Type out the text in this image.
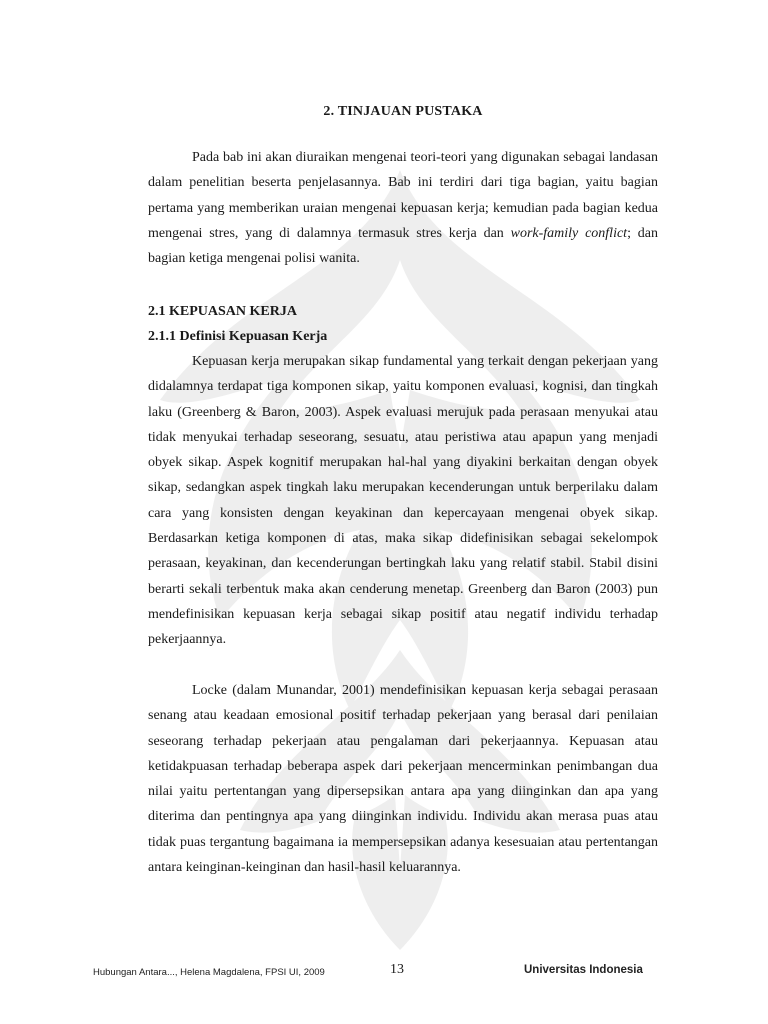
2. TINJAUAN PUSTAKA
Pada bab ini akan diuraikan mengenai teori-teori yang digunakan sebagai landasan dalam penelitian beserta penjelasannya. Bab ini terdiri dari tiga bagian, yaitu bagian pertama yang memberikan uraian mengenai kepuasan kerja; kemudian pada bagian kedua mengenai stres, yang di dalamnya termasuk stres kerja dan work-family conflict; dan bagian ketiga mengenai polisi wanita.
2.1 KEPUASAN KERJA
2.1.1 Definisi Kepuasan Kerja
Kepuasan kerja merupakan sikap fundamental yang terkait dengan pekerjaan yang didalamnya terdapat tiga komponen sikap, yaitu komponen evaluasi, kognisi, dan tingkah laku (Greenberg & Baron, 2003). Aspek evaluasi merujuk pada perasaan menyukai atau tidak menyukai terhadap seseorang, sesuatu, atau peristiwa atau apapun yang menjadi obyek sikap. Aspek kognitif merupakan hal-hal yang diyakini berkaitan dengan obyek sikap, sedangkan aspek tingkah laku merupakan kecenderungan untuk berperilaku dalam cara yang konsisten dengan keyakinan dan kepercayaan mengenai obyek sikap. Berdasarkan ketiga komponen di atas, maka sikap didefinisikan sebagai sekelompok perasaan, keyakinan, dan kecenderungan bertingkah laku yang relatif stabil. Stabil disini berarti sekali terbentuk maka akan cenderung menetap. Greenberg dan Baron (2003) pun mendefinisikan kepuasan kerja sebagai sikap positif atau negatif individu terhadap pekerjaannya.
Locke (dalam Munandar, 2001) mendefinisikan kepuasan kerja sebagai perasaan senang atau keadaan emosional positif terhadap pekerjaan yang berasal dari penilaian seseorang terhadap pekerjaan atau pengalaman dari pekerjaannya. Kepuasan atau ketidakpuasan terhadap beberapa aspek dari pekerjaan mencerminkan penimbangan dua nilai yaitu pertentangan yang dipersepsikan antara apa yang diinginkan dan apa yang diterima dan pentingnya apa yang diinginkan individu. Individu akan merasa puas atau tidak puas tergantung bagaimana ia mempersepsikan adanya kesesuaian atau pertentangan antara keinginan-keinginan dan hasil-hasil keluarannya.
Hubungan Antara..., Helena Magdalena, FPSI UI, 2009	13	Universitas Indonesia
